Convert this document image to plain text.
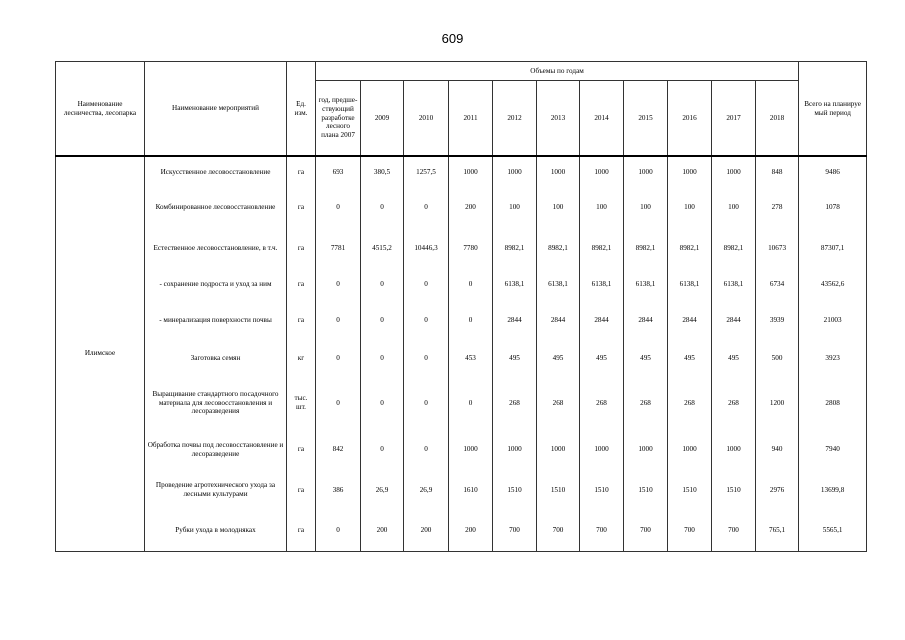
609
Наименование лесничества, лесопарка	Наименование мероприятий	Ед. изм.	Объемы по годам											Всего на планируе мый период
			год, предше-ствующий разработке лесного плана 2007	2009	2010	2011	2012	2013	2014	2015	2016	2017	2018	
Илимское	Искусственное лесовосстановление	га	693	380,5	1257,5	1000	1000	1000	1000	1000	1000	1000	848	9486
	Комбинированное лесовосстановление	га	0	0	0	200	100	100	100	100	100	100	278	1078
	Естественное лесовосстановление, в т.ч.	га	7781	4515,2	10446,3	7780	8982,1	8982,1	8982,1	8982,1	8982,1	8982,1	10673	87307,1
	- сохранение подроста и уход за ним	га	0	0	0	0	6138,1	6138,1	6138,1	6138,1	6138,1	6138,1	6734	43562,6
	- минерализация поверхности почвы	га	0	0	0	0	2844	2844	2844	2844	2844	2844	3939	21003
	Заготовка семян	кг	0	0	0	453	495	495	495	495	495	495	500	3923
	Выращивание стандартного посадочного материала для лесовосстановления и лесоразведения	тыс. шт.	0	0	0	0	268	268	268	268	268	268	1200	2808
	Обработка почвы под лесовосстановление и лесоразведение	га	842	0	0	1000	1000	1000	1000	1000	1000	1000	940	7940
	Проведение агротехнического ухода за лесными культурами	га	386	26,9	26,9	1610	1510	1510	1510	1510	1510	1510	2976	13699,8
	Рубки ухода в молодняках	га	0	200	200	200	700	700	700	700	700	700	765,1	5565,1
